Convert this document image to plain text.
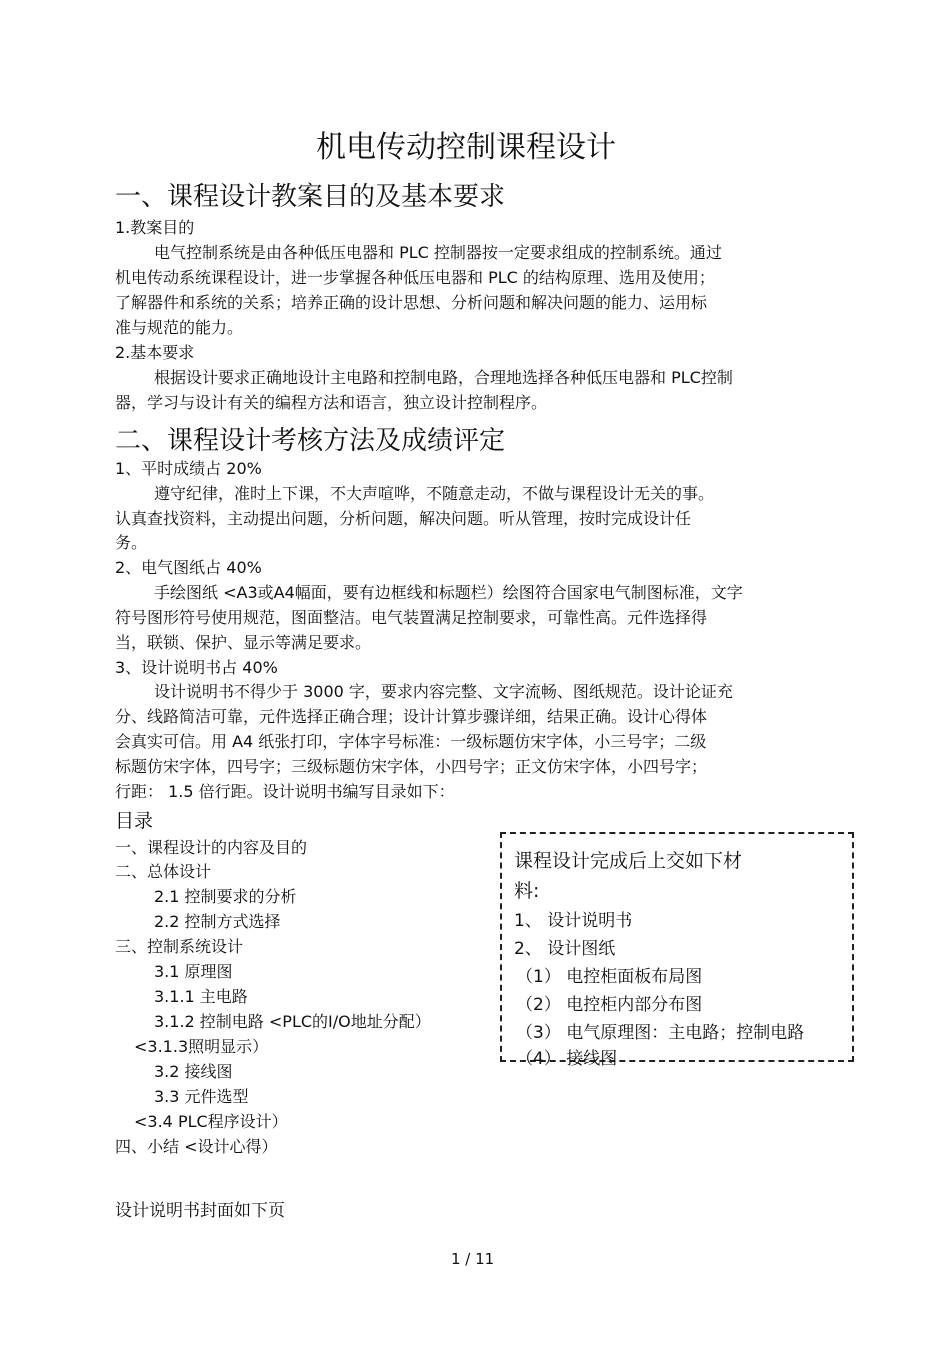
机电传动控制课程设计
一、课程设计教案目的及基本要求
1.教案目的
电气控制系统是由各种低压电器和 PLC 控制器按一定要求组成的控制系统。通过
机电传动系统课程设计，进一步掌握各种低压电器和 PLC 的结构原理、选用及使用；
了解器件和系统的关系；培养正确的设计思想、分析问题和解决问题的能力、运用标
准与规范的能力。
2.基本要求
根据设计要求正确地设计主电路和控制电路，合理地选择各种低压电器和 PLC控制
器，学习与设计有关的编程方法和语言，独立设计控制程序。
二、课程设计考核方法及成绩评定
1、平时成绩占 20%
遵守纪律，准时上下课，不大声喧哗，不随意走动，不做与课程设计无关的事。
认真查找资料，主动提出问题，分析问题，解决问题。听从管理，按时完成设计任
务。
2、电气图纸占 40%
手绘图纸 <A3或A4幅面，要有边框线和标题栏）绘图符合国家电气制图标准，文字
符号图形符号使用规范，图面整洁。电气装置满足控制要求，可靠性高。元件选择得
当，联锁、保护、显示等满足要求。
3、设计说明书占 40%
设计说明书不得少于 3000 字，要求内容完整、文字流畅、图纸规范。设计论证充
分、线路简洁可靠，元件选择正确合理；设计计算步骤详细，结果正确。设计心得体
会真实可信。用 A4 纸张打印，字体字号标准：一级标题仿宋字体，小三号字；二级
标题仿宋字体，四号字；三级标题仿宋字体，小四号字；正文仿宋字体，小四号字；
行距： 1.5 倍行距。设计说明书编写目录如下：
目录
一、课程设计的内容及目的
二、总体设计
2.1 控制要求的分析
2.2 控制方式选择
三、控制系统设计
3.1 原理图
3.1.1 主电路
3.1.2 控制电路 <PLC的I/O地址分配）
<3.1.3照明显示）
3.2 接线图
3.3 元件选型
<3.4 PLC程序设计）
四、小结 <设计心得）
课程设计完成后上交如下材
料:
1、 设计说明书
2、 设计图纸
（1） 电控柜面板布局图
（2） 电控柜内部分布图
（3） 电气原理图：主电路；控制电路
（4） 接线图
设计说明书封面如下页
1 / 11
